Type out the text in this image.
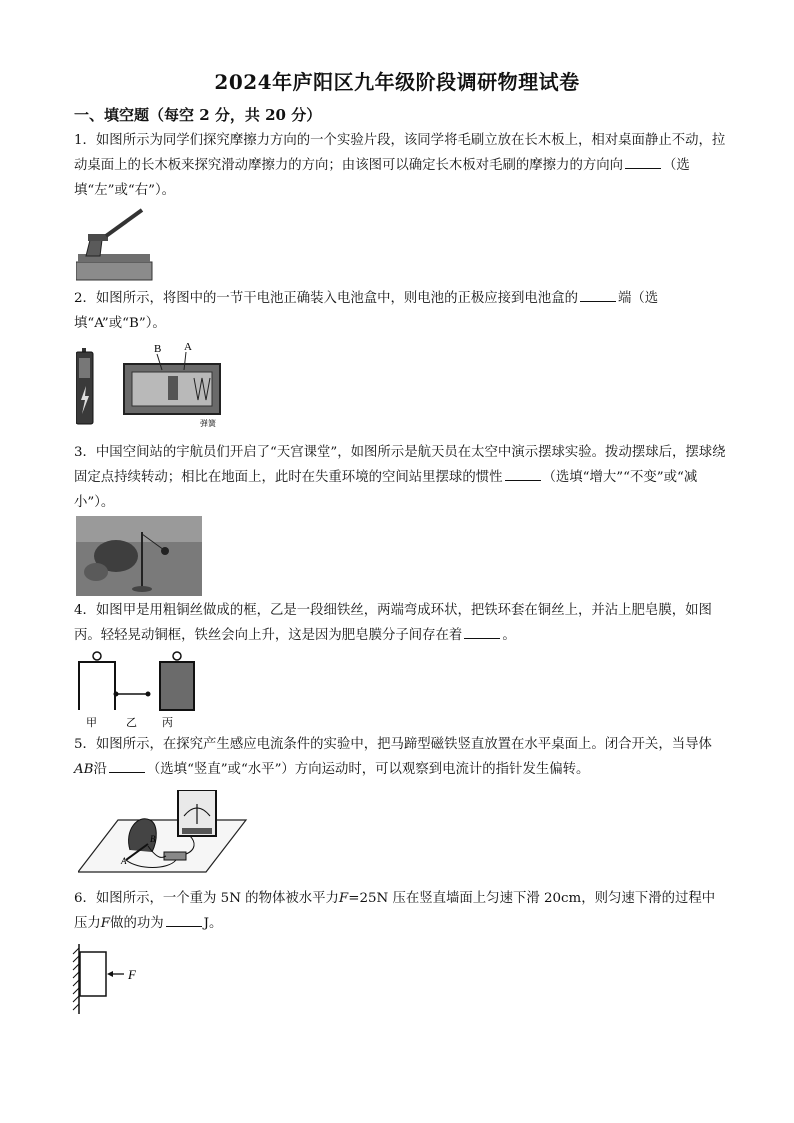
2024年庐阳区九年级阶段调研物理试卷
一、填空题（每空 2 分，共 20 分）
1．如图所示为同学们探究摩擦力方向的一个实验片段，该同学将毛刷立放在长木板上，相对桌面静止不动，拉动桌面上的长木板来探究滑动摩擦力的方向；由该图可以确定长木板对毛刷的摩擦力的方向向	（选填“左”或“右”）。
2．如图所示，将图中的一节干电池正确装入电池盒中，则电池的正极应接到电池盒的	端（选填“A”或“B”）。
B A
弹簧
3．中国空间站的宇航员们开启了“天宫课堂”，如图所示是航天员在太空中演示摆球实验。拨动摆球后，摆球绕固定点持续转动；相比在地面上，此时在失重环境的空间站里摆球的惯性	（选填“增大”“不变”或“减小”）。
4．如图甲是用粗铜丝做成的框，乙是一段细铁丝，两端弯成环状，把铁环套在铜丝上，并沾上肥皂膜，如图丙。轻轻晃动铜框，铁丝会向上升，这是因为肥皂膜分子间存在着	。
甲	乙 丙
5．如图所示，在探究产生感应电流条件的实验中，把马蹄型磁铁竖直放置在水平桌面上。闭合开关，当导体AB沿	（选填“竖直”或“水平”）方向运动时，可以观察到电流计的指针发生偏转。
A
B
6．如图所示，一个重为 5N 的物体被水平力F=25N 压在竖直墙面上匀速下滑 20cm，则匀速下滑的过程中压力F做的功为	J。
F
